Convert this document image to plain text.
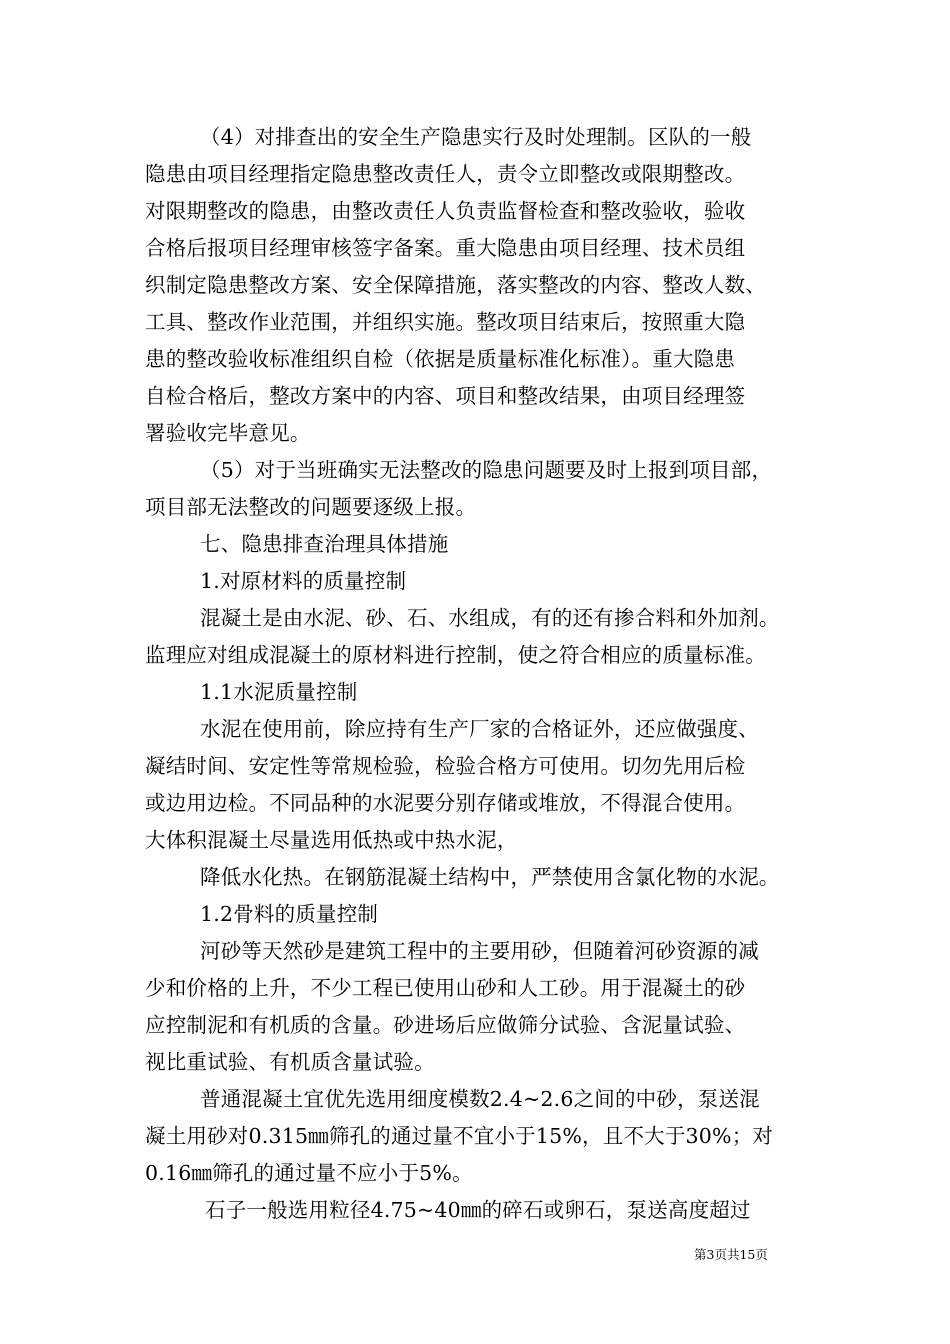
（4）对排查出的安全生产隐患实行及时处理制。区队的一般
隐患由项目经理指定隐患整改责任人，责令立即整改或限期整改。
对限期整改的隐患，由整改责任人负责监督检查和整改验收，验收
合格后报项目经理审核签字备案。重大隐患由项目经理、技术员组
织制定隐患整改方案、安全保障措施，落实整改的内容、整改人数、
工具、整改作业范围，并组织实施。整改项目结束后，按照重大隐
患的整改验收标准组织自检（依据是质量标准化标准）。重大隐患
自检合格后，整改方案中的内容、项目和整改结果，由项目经理签
署验收完毕意见。
（5）对于当班确实无法整改的隐患问题要及时上报到项目部，
项目部无法整改的问题要逐级上报。
七、隐患排查治理具体措施
1.对原材料的质量控制
混凝土是由水泥、砂、石、水组成，有的还有掺合料和外加剂。
监理应对组成混凝土的原材料进行控制，使之符合相应的质量标准。
1.1水泥质量控制
水泥在使用前，除应持有生产厂家的合格证外，还应做强度、
凝结时间、安定性等常规检验，检验合格方可使用。切勿先用后检
或边用边检。不同品种的水泥要分别存储或堆放，不得混合使用。
大体积混凝土尽量选用低热或中热水泥，
降低水化热。在钢筋混凝土结构中，严禁使用含氯化物的水泥。
1.2骨料的质量控制
河砂等天然砂是建筑工程中的主要用砂，但随着河砂资源的减
少和价格的上升，不少工程已使用山砂和人工砂。用于混凝土的砂
应控制泥和有机质的含量。砂进场后应做筛分试验、含泥量试验、
视比重试验、有机质含量试验。
普通混凝土宜优先选用细度模数2.4~2.6之间的中砂，泵送混
凝土用砂对0.315㎜筛孔的通过量不宜小于15%，且不大于30%；对
0.16㎜筛孔的通过量不应小于5%。
石子一般选用粒径4.75~40㎜的碎石或卵石，泵送高度超过
第3页共15页
